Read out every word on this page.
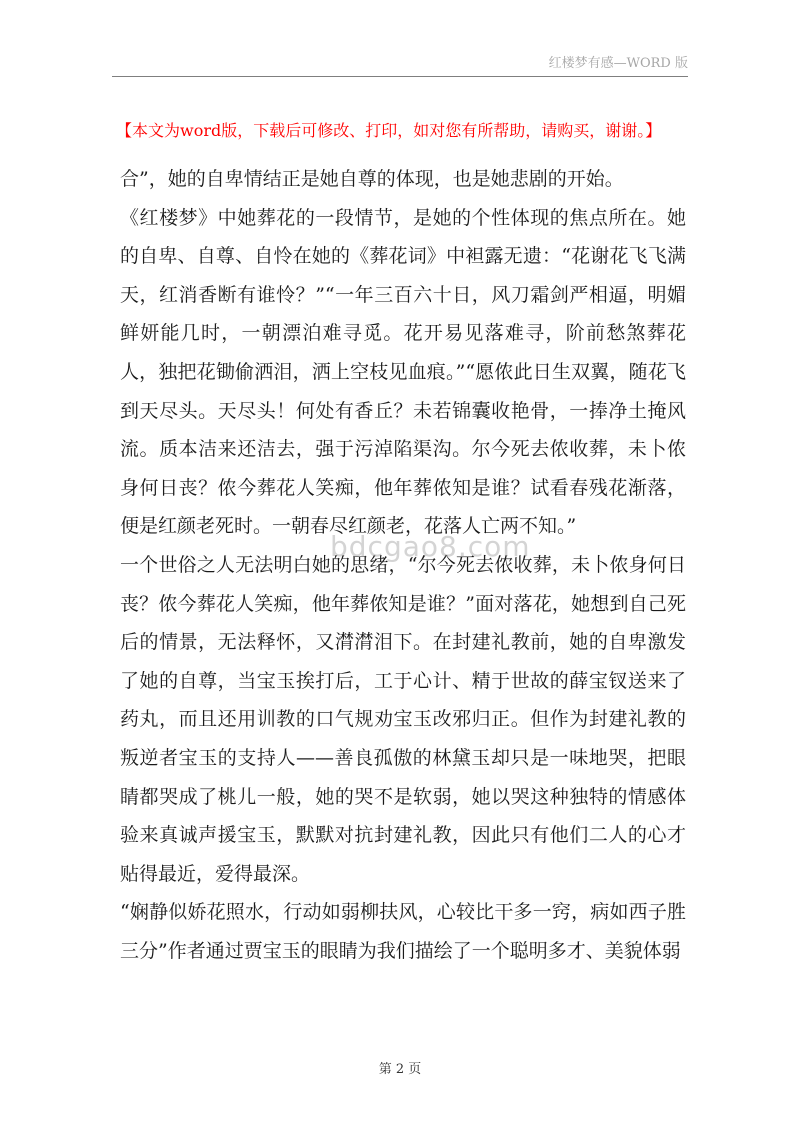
红楼梦有感—WORD 版
【本文为word版，下载后可修改、打印，如对您有所帮助，请购买，谢谢。】

合”，她的自卑情结正是她自尊的体现，也是她悲剧的开始。

《红楼梦》中她葬花的一段情节，是她的个性体现的焦点所在。她的自卑、自尊、自怜在她的《葬花词》中袒露无遗：“花谢花飞飞满天，红消香断有谁怜？”“一年三百六十日，风刀霜剑严相逼，明媚鲜妍能几时，一朝漂泊难寻觅。花开易见落难寻，阶前愁煞葬花人，独把花锄偷洒泪，洒上空枝见血痕。”“愿侬此日生双翼，随花飞到天尽头。天尽头！何处有香丘？未若锦囊收艳骨，一捧净土掩风流。质本洁来还洁去，强于污淖陷渠沟。尔今死去侬收葬，未卜侬身何日丧？侬今葬花人笑痴，他年葬侬知是谁？试看春残花渐落，便是红颜老死时。一朝春尽红颜老，花落人亡两不知。”

一个世俗之人无法明白她的思绪，“尔今死去侬收葬，未卜侬身何日丧？侬今葬花人笑痴，他年葬侬知是谁？”面对落花，她想到自己死后的情景，无法释怀，又潸潸泪下。在封建礼教前，她的自卑激发了她的自尊，当宝玉挨打后，工于心计、精于世故的薛宝钗送来了药丸，而且还用训教的口气规劝宝玉改邪归正。但作为封建礼教的叛逆者宝玉的支持人——善良孤傲的林黛玉却只是一味地哭，把眼睛都哭成了桃儿一般，她的哭不是软弱，她以哭这种独特的情感体验来真诚声援宝玉，默默对抗封建礼教，因此只有他们二人的心才贴得最近，爱得最深。

“娴静似娇花照水，行动如弱柳扶风，心较比干多一窍，病如西子胜三分”作者通过贾宝玉的眼睛为我们描绘了一个聪明多才、美貌体弱

bdcgao8.com
第 2 页
